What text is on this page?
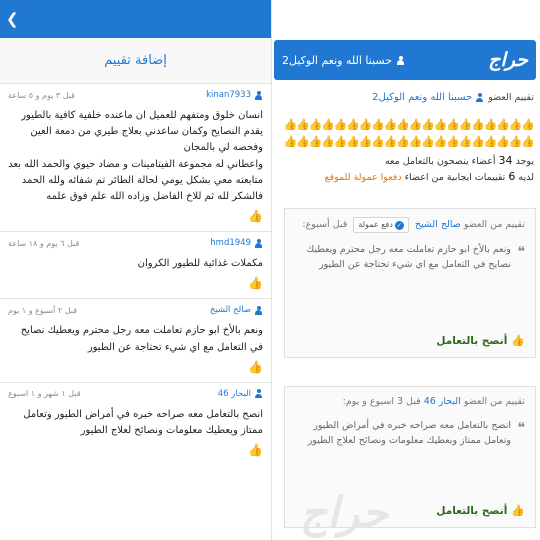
❮
إضافة تقييم
kinan7933
قبل ٣ يوم و ٥ ساعة
انسان خلوق ومتفهم للعميل ان ماعنده خلفية كافية بالطيور يقدم النصايح وكمان ساعدني بعلاج طيري من دمعة العين وفحصه لي بالمجان
واعطاني له مجموعة الفيتامينات و مضاد حيوي والحمد الله بعد متابعته معي بشكل يومي لحالة الطائر تم شفائه ولله الحمد فالشكر لله ثم للاخ الفاضل وزاده الله علم فوق علمه
👍
hmd1949
قبل ٦ يوم و ١٨ ساعة
مكملات غذائية للطيور الكروان
👍
صالح الشيخ
قبل ٢ أسبوع و ١ يوم
ونعم بالأخ ابو حازم تعاملت معه رجل محترم ويعطيك نصايح في التعامل مع اي شيء تحتاجة عن الطيور
👍
البحار 46
قبل ١ شهر و ١ اسبوع
انصح بالتعامل معه صراحه خبره في أمراض الطيور وتعامل ممتاز ويعطيك معلومات ونصائح لعلاج الطيور
👍
حراج
حسبنا الله ونعم الوكيل2
تقييم العضو
حسبنا الله ونعم الوكيل2
👍
👍
👍
👍
👍
👍
👍
👍
👍
👍
👍
👍
👍
👍
👍
👍
👍
👍
👍
👍
👍
👍
👍
👍
👍
👍
👍
👍
👍
👍
👍
👍
👍
👍
👍
👍
👍
👍
👍
👍
يوجد 34 أعضاء ينصحون بالتعامل معه
لديه 6 تقييمات ايجابية من اعضاء دفعوا عمولة للموقع
تقييم من العضو صالح الشيخ ✓دفع عمولة قبل أسبوع:
❝
ونعم بالأخ ابو حازم تعاملت معه رجل محترم ويعطيك نصايح في التعامل مع اي شيء تحتاجة عن الطيور
👍
أنصح بالتعامل
تقييم من العضو البحار 46 قبل 3 اسبوع و يوم:
❝
انصح بالتعامل معه صراحه خبره في أمراض الطيور وتعامل ممتاز ويعطيك معلومات ونصائح لعلاج الطيور
👍
أنصح بالتعامل
حراج
